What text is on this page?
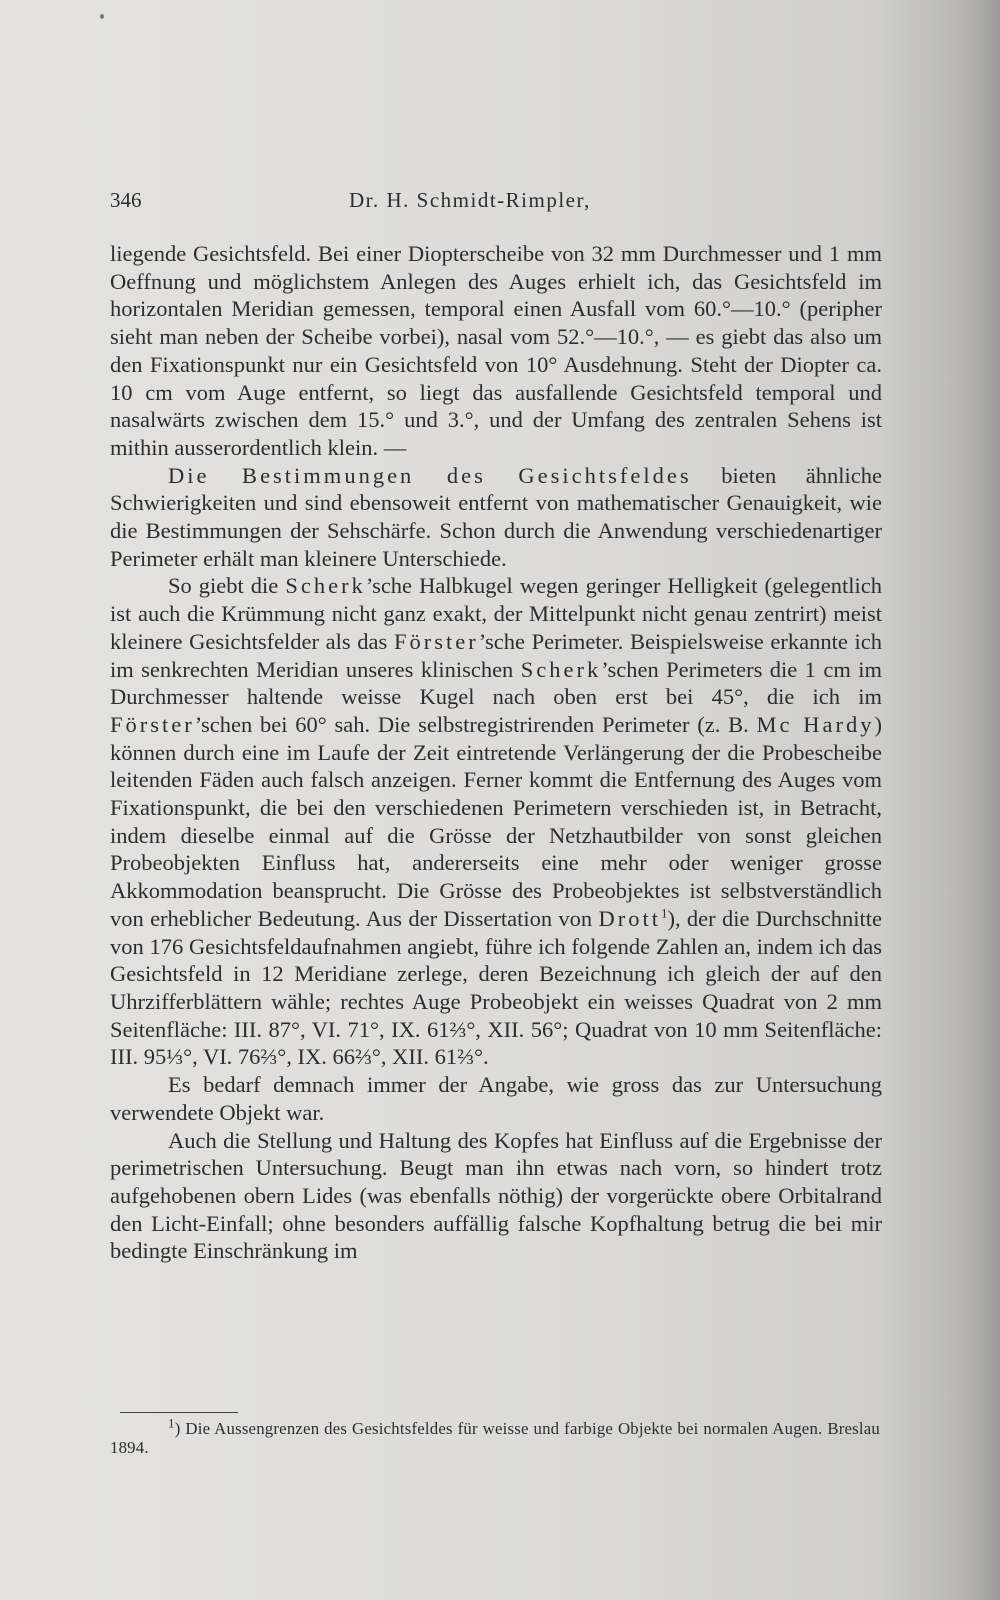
346	Dr. H. Schmidt-Rimpler,

liegende Gesichtsfeld. Bei einer Diopterscheibe von 32 mm Durchmesser und 1 mm Oeffnung und möglichstem Anlegen des Auges erhielt ich, das Gesichtsfeld im horizontalen Meridian gemessen, temporal einen Ausfall vom 60.°—10.° (peripher sieht man neben der Scheibe vorbei), nasal vom 52.°—10.°, — es giebt das also um den Fixationspunkt nur ein Gesichtsfeld von 10° Ausdehnung. Steht der Diopter ca. 10 cm vom Auge entfernt, so liegt das ausfallende Gesichtsfeld temporal und nasalwärts zwischen dem 15.° und 3.°, und der Umfang des zentralen Sehens ist mithin ausserordentlich klein. —

Die Bestimmungen des Gesichtsfeldes bieten ähnliche Schwierigkeiten und sind ebensoweit entfernt von mathematischer Genauigkeit, wie die Bestimmungen der Sehschärfe. Schon durch die Anwendung verschiedenartiger Perimeter erhält man kleinere Unterschiede.

So giebt die Scherk’sche Halbkugel wegen geringer Helligkeit (gelegentlich ist auch die Krümmung nicht ganz exakt, der Mittelpunkt nicht genau zentrirt) meist kleinere Gesichtsfelder als das Förster’sche Perimeter. Beispielsweise erkannte ich im senkrechten Meridian unseres klinischen Scherk’schen Perimeters die 1 cm im Durchmesser haltende weisse Kugel nach oben erst bei 45°, die ich im Förster’schen bei 60° sah. Die selbstregistrirenden Perimeter (z. B. Mc Hardy) können durch eine im Laufe der Zeit eintretende Verlängerung der die Probescheibe leitenden Fäden auch falsch anzeigen. Ferner kommt die Entfernung des Auges vom Fixationspunkt, die bei den verschiedenen Perimetern verschieden ist, in Betracht, indem dieselbe einmal auf die Grösse der Netzhautbilder von sonst gleichen Probeobjekten Einfluss hat, andererseits eine mehr oder weniger grosse Akkommodation beansprucht. Die Grösse des Probeobjektes ist selbstverständlich von erheblicher Bedeutung. Aus der Dissertation von Drott$^1$), der die Durchschnitte von 176 Gesichtsfeldaufnahmen angiebt, führe ich folgende Zahlen an, indem ich das Gesichtsfeld in 12 Meridiane zerlege, deren Bezeichnung ich gleich der auf den Uhrzifferblättern wähle; rechtes Auge Probeobjekt ein weisses Quadrat von 2 mm Seitenfläche: III. 87°, VI. 71°, IX. 61⅔°, XII. 56°; Quadrat von 10 mm Seitenfläche: III. 95⅓°, VI. 76⅔°, IX. 66⅔°, XII. 61⅔°.

Es bedarf demnach immer der Angabe, wie gross das zur Untersuchung verwendete Objekt war.

Auch die Stellung und Haltung des Kopfes hat Einfluss auf die Ergebnisse der perimetrischen Untersuchung. Beugt man ihn etwas nach vorn, so hindert trotz aufgehobenen obern Lides (was ebenfalls nöthig) der vorgerückte obere Orbitalrand den Licht-Einfall; ohne besonders auffällig falsche Kopfhaltung betrug die bei mir bedingte Einschränkung im

$^1$) Die Aussengrenzen des Gesichtsfeldes für weisse und farbige Objekte bei normalen Augen. Breslau 1894.
